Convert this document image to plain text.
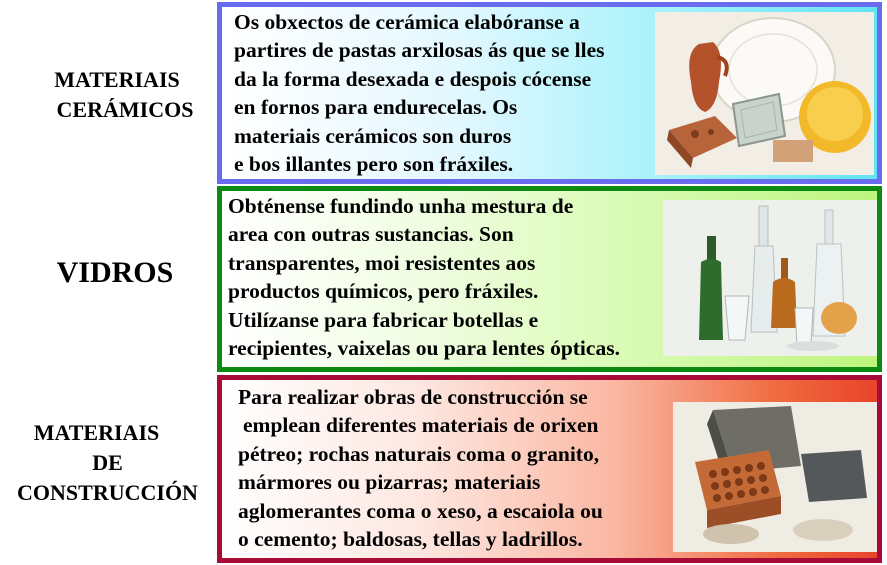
MATERIAIS
CERÁMICOS
Os obxectos de cerámica elabóranse a
partires de pastas arxilosas ás que se lles
da la forma desexada e despois cócense
en fornos para endurecelas. Os
materiais cerámicos son duros
e bos illantes pero son fráxiles.
VIDROS
Obténense fundindo unha mestura de
area con outras sustancias. Son
transparentes, moi resistentes aos
productos químicos, pero fráxiles.
Utilízanse para fabricar botellas e
recipientes, vaixelas ou para lentes ópticas.
MATERIAIS
DE
CONSTRUCCIÓN
Para realizar obras de construcción se
emplean diferentes materiais de orixen
pétreo; rochas naturais coma o granito,
mármores ou pizarras; materiais
aglomerantes coma o xeso, a escaiola ou
o cemento; baldosas, tellas y ladrillos.
